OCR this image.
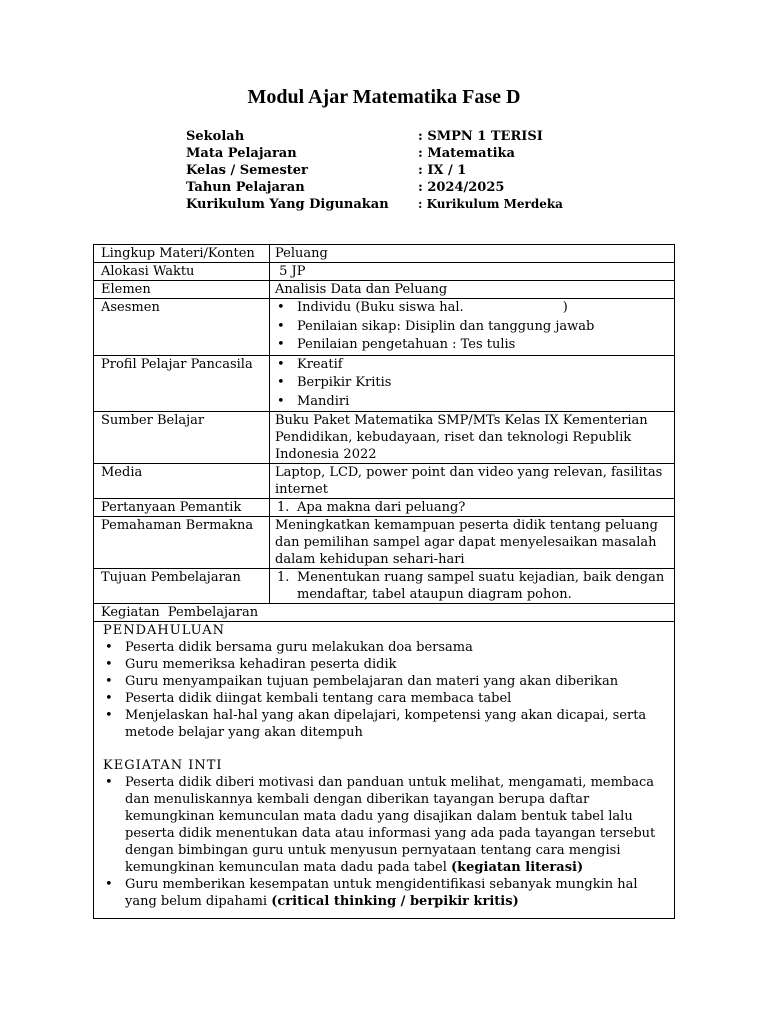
Modul Ajar Matematika Fase D
Sekolah	: SMPN 1 TERISI
Mata Pelajaran	: Matematika
Kelas / Semester	: IX / 1
Tahun Pelajaran	: 2024/2025
Kurikulum Yang Digunakan	: Kurikulum Merdeka
Lingkup Materi/Konten	Peluang
Alokasi Waktu	5 JP
Elemen	Analisis Data dan Peluang
Asesmen	• Individu (Buku siswa hal.                        )
• Penilaian sikap: Disiplin dan tanggung jawab
• Penilaian pengetahuan : Tes tulis
Profil Pelajar Pancasila	• Kreatif
• Berpikir Kritis
• Mandiri
Sumber Belajar	Buku Paket Matematika SMP/MTs Kelas IX Kementerian Pendidikan, kebudayaan, riset dan teknologi Republik Indonesia 2022
Media	Laptop, LCD, power point dan video yang relevan, fasilitas internet
Pertanyaan Pemantik	1. Apa makna dari peluang?
Pemahaman Bermakna	Meningkatkan kemampuan peserta didik tentang peluang dan pemilihan sampel agar dapat menyelesaikan masalah dalam kehidupan sehari-hari
Tujuan Pembelajaran	1. Menentukan ruang sampel suatu kejadian, baik dengan mendaftar, tabel ataupun diagram pohon.
Kegiatan  Pembelajaran
PENDAHULUAN
• Peserta didik bersama guru melakukan doa bersama
• Guru memeriksa kehadiran peserta didik
• Guru menyampaikan tujuan pembelajaran dan materi yang akan diberikan
• Peserta didik diingat kembali tentang cara membaca tabel
• Menjelaskan hal-hal yang akan dipelajari, kompetensi yang akan dicapai, serta metode belajar yang akan ditempuh
KEGIATAN INTI
• Peserta didik diberi motivasi dan panduan untuk melihat, mengamati, membaca dan menuliskannya kembali dengan diberikan tayangan berupa daftar kemungkinan kemunculan mata dadu yang disajikan dalam bentuk tabel lalu peserta didik menentukan data atau informasi yang ada pada tayangan tersebut dengan bimbingan guru untuk menyusun pernyataan tentang cara mengisi kemungkinan kemunculan mata dadu pada tabel (kegiatan literasi)
• Guru memberikan kesempatan untuk mengidentifikasi sebanyak mungkin hal yang belum dipahami (critical thinking / berpikir kritis)
